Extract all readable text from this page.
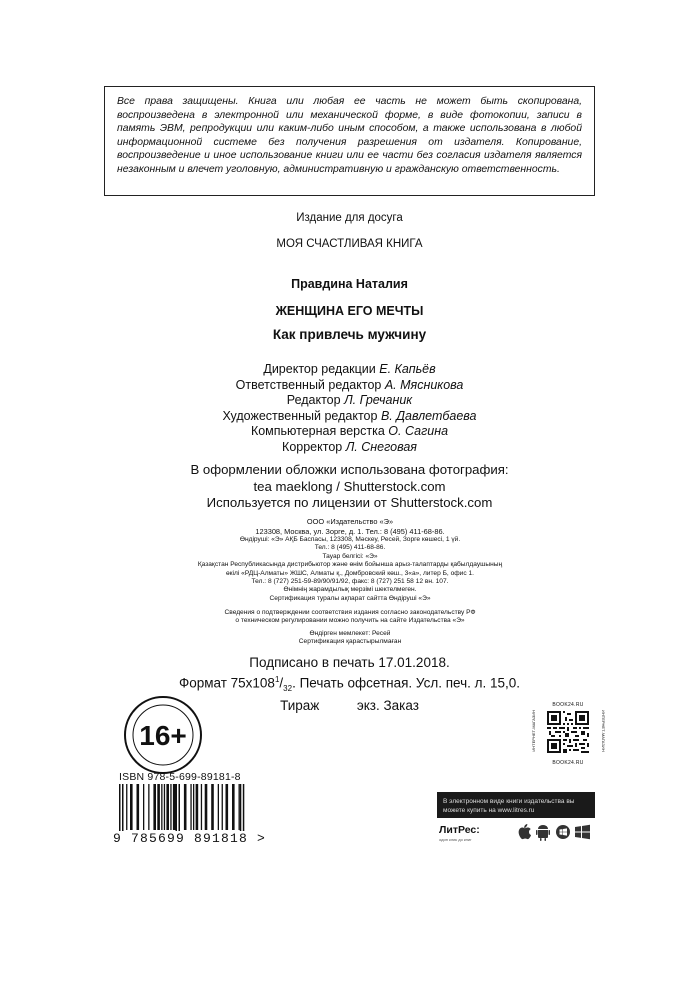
Все права защищены. Книга или любая ее часть не может быть скопирована, воспроизведена в электронной или механической форме, в виде фотокопии, записи в память ЭВМ, репродукции или каким-либо иным способом, а также использована в любой информационной системе без получения разрешения от издателя. Копирование, воспроизведение и иное использование книги или ее части без согласия издателя является незаконным и влечет уголовную, административную и гражданскую ответственность.
Издание для досуга
МОЯ СЧАСТЛИВАЯ КНИГА
Правдина Наталия
ЖЕНЩИНА ЕГО МЕЧТЫ
Как привлечь мужчину
Директор редакции Е. Капьёв
Ответственный редактор А. Мясникова
Редактор Л. Гречаник
Художественный редактор В. Давлетбаева
Компьютерная верстка О. Сагина
Корректор Л. Снеговая
В оформлении обложки использована фотография:
tea maeklong / Shutterstock.com
Используется по лицензии от Shutterstock.com
ООО «Издательство «Э»
123308, Москва, ул. Зорге, д. 1. Тел.: 8 (495) 411-68-86.
Өндіруші: «Э» АҚБ Баспасы, 123308, Мәскеу, Ресей, Зорге көшесі, 1 үй.
Тел.: 8 (495) 411-68-86.
Тауар белгісі: «Э»
Қазақстан Республикасында дистрибьютор және өнім бойынша арыз-талаптарды қабылдаушының
өкілі «РДЦ-Алматы» ЖШС, Алматы қ., Домбровский көш., 3«а», литер Б, офис 1.
Тел.: 8 (727) 251-59-89/90/91/92, факс: 8 (727) 251 58 12 вн. 107.
Өнімнің жарамдылық мерзімі шектелмеген.
Сертификация туралы ақпарат сайтта Өндіруші «Э»
Сведения о подтверждении соответствия издания согласно законодательству РФ
о техническом регулировании можно получить на сайте Издательства «Э»
Өндірген мемлекет: Ресей
Сертификация қарастырылмаған
Подписано в печать 17.01.2018.
Формат $75x108^1/_{32}$. Печать офсетная. Усл. печ. л. 15,0.
Тираж	экз. Заказ
16+
BOOK24.RU
ИНТЕРНЕТ-МАГАЗИН	ИНТЕРНЕТ-МАГАЗИН
BOOK24.RU
ISBN 978-5-699-89181-8
9 785699 891818 >
В электронном виде книги издательства вы можете купить на www.litres.ru
ЛитРес:
один клик до книг
